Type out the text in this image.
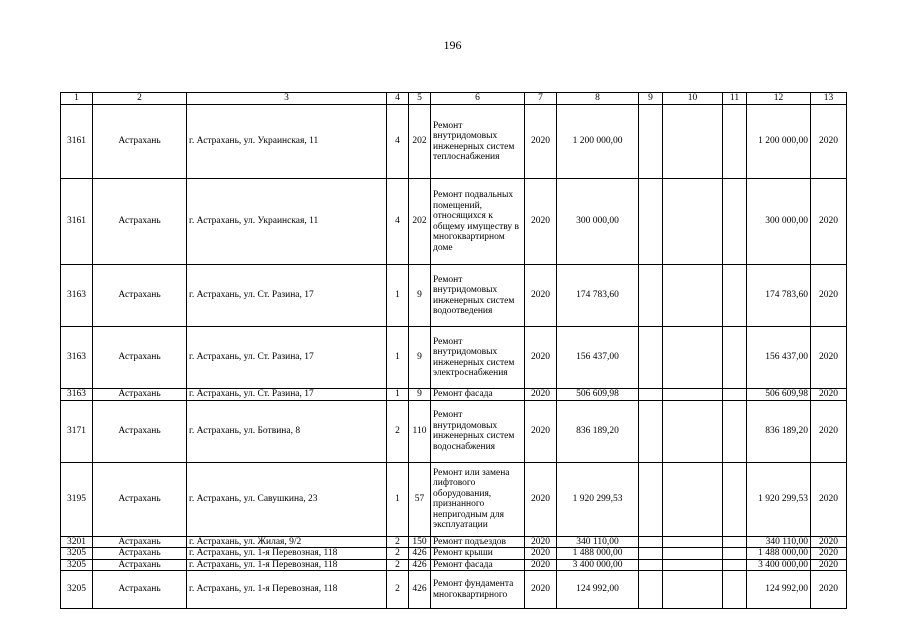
196
1	2	3	4	5	6	7	8	9	10	11	12	13
3161	Астрахань	г. Астрахань, ул. Украинская, 11	4	202	Ремонт внутридомовых инженерных систем теплоснабжения	2020	1 200 000,00				1 200 000,00	2020
3161	Астрахань	г. Астрахань, ул. Украинская, 11	4	202	Ремонт подвальных помещений, относящихся к общему имуществу в многоквартирном доме	2020	300 000,00				300 000,00	2020
3163	Астрахань	г. Астрахань, ул. Ст. Разина, 17	1	9	Ремонт внутридомовых инженерных систем водоотведения	2020	174 783,60				174 783,60	2020
3163	Астрахань	г. Астрахань, ул. Ст. Разина, 17	1	9	Ремонт внутридомовых инженерных систем электроснабжения	2020	156 437,00				156 437,00	2020
3163	Астрахань	г. Астрахань, ул. Ст. Разина, 17	1	9	Ремонт фасада	2020	506 609,98				506 609,98	2020
3171	Астрахань	г. Астрахань, ул. Ботвина, 8	2	110	Ремонт внутридомовых инженерных систем водоснабжения	2020	836 189,20				836 189,20	2020
3195	Астрахань	г. Астрахань, ул. Савушкина, 23	1	57	Ремонт или замена лифтового оборудования, признанного непригодным для эксплуатации	2020	1 920 299,53				1 920 299,53	2020
3201	Астрахань	г. Астрахань, ул. Жилая, 9/2	2	150	Ремонт подъездов	2020	340 110,00				340 110,00	2020
3205	Астрахань	г. Астрахань, ул. 1-я Перевозная, 118	2	426	Ремонт крыши	2020	1 488 000,00				1 488 000,00	2020
3205	Астрахань	г. Астрахань, ул. 1-я Перевозная, 118	2	426	Ремонт фасада	2020	3 400 000,00				3 400 000,00	2020
3205	Астрахань	г. Астрахань, ул. 1-я Перевозная, 118	2	426	Ремонт фундамента многоквартирного	2020	124 992,00				124 992,00	2020
